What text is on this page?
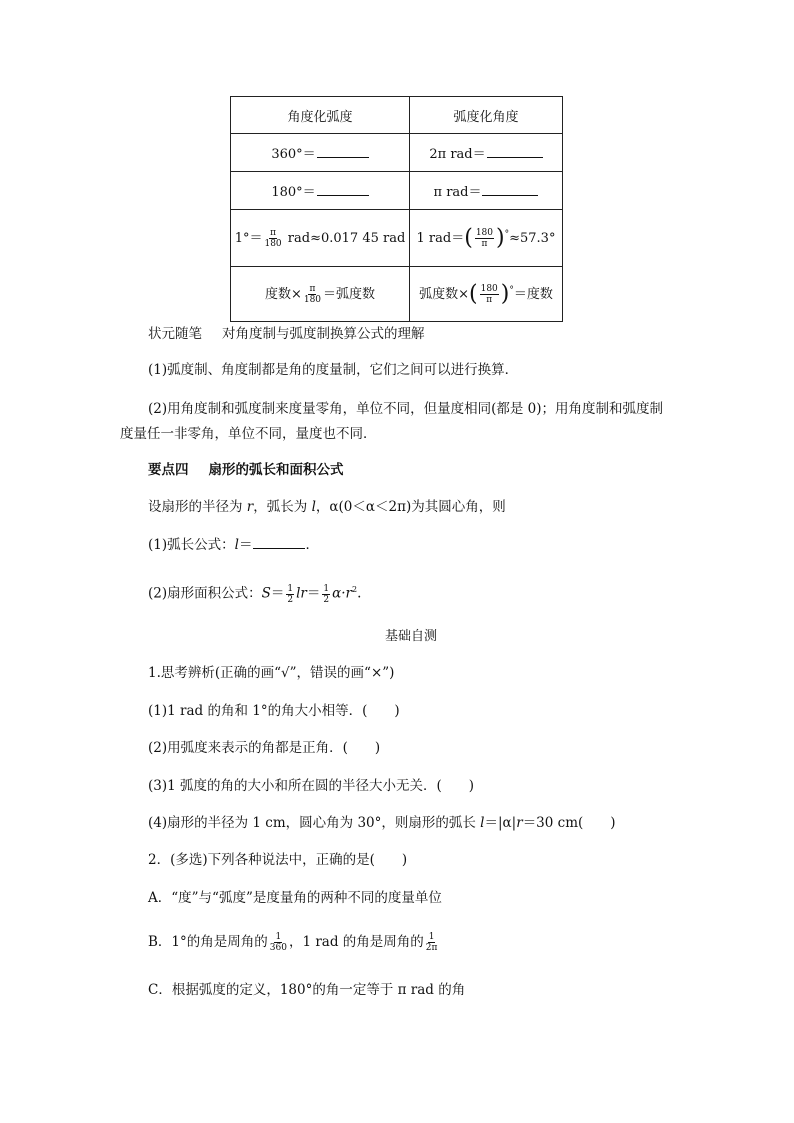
角度化弧度	弧度化角度
360°＝	2π rad＝
180°＝	π rad＝
$1^\circ= \frac{\pi}{180} rad\approx 0.017$ 45 rad	1 $rad=( \frac{180}{\pi} )^\circ\approx 57.3^\circ$
度数× $\frac{\pi}{180}$ ＝弧度数	弧度数×( $\frac{180}{\pi} )^\circ=$度数
状元随笔 对角度制与弧度制换算公式的理解
(1)弧度制、角度制都是角的度量制，它们之间可以进行换算．
(2)用角度制和弧度制来度量零角，单位不同，但量度相同(都是 0)；用角度制和弧度制
度量任一非零角，单位不同，量度也不同．
要点四 扇形的弧长和面积公式
设扇形的半径为 r，弧长为 l，α(0＜α＜2π)为其圆心角，则
(1)弧长公式：l＝	．
(2)扇形面积公式：$S= \frac{1}{2} lr= \frac{1}{2} \alpha\cdot r^2$.
基础自测
1.思考辨析(正确的画“√”，错误的画“×”)
(1)1 rad 的角和 1°的角大小相等．(　　)
(2)用弧度来表示的角都是正角．(　　)
(3)1 弧度的角的大小和所在圆的半径大小无关．(　　)
(4)扇形的半径为 1 cm，圆心角为 30°，则扇形的弧长 l＝|α|r＝30 cm(　　)
2．(多选)下列各种说法中，正确的是(　　)
A．“度”与“弧度”是度量角的两种不同的度量单位
B．1°的角是周角的 $\frac{1}{360}$ ，1 rad 的角是周角的 $\frac{1}{2\pi}$
C．根据弧度的定义，180°的角一定等于 π rad 的角
